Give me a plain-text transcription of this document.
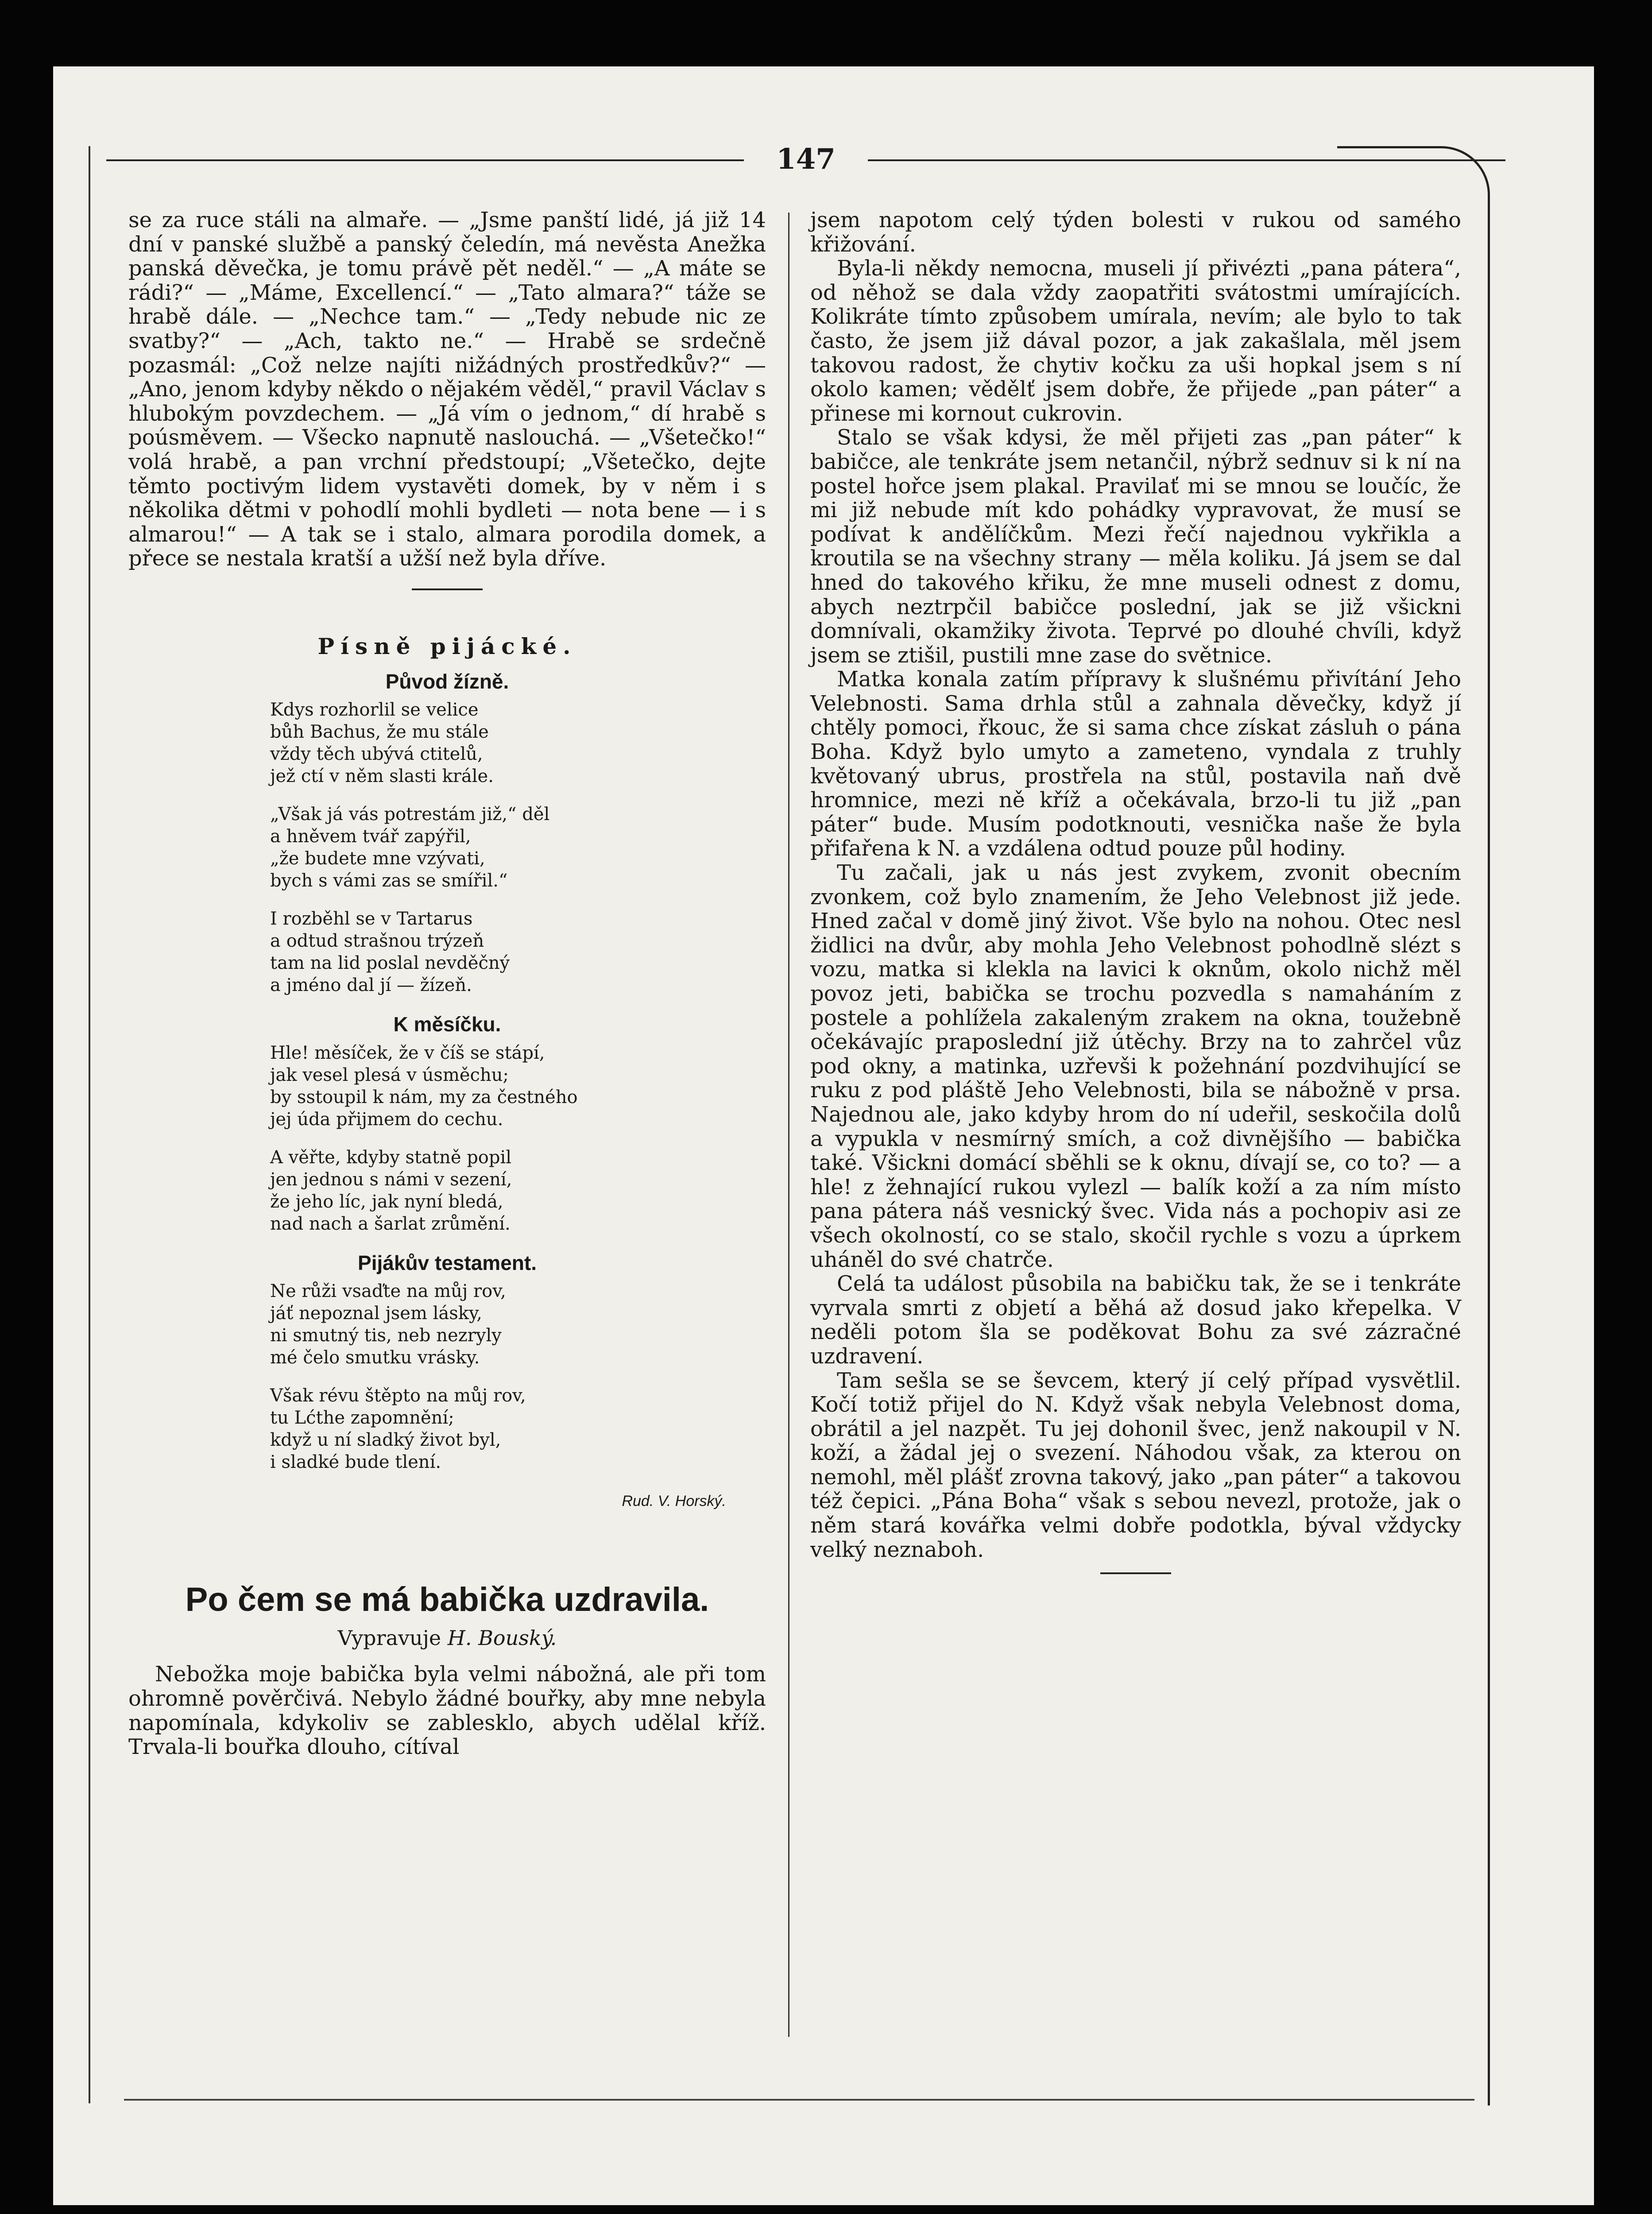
147

se za ruce stáli na almaře. — „Jsme panští lidé, já již 14 dní v panské službě a panský čeledín, má nevěsta Anežka panská děvečka, je tomu právě pět neděl.“ — „A máte se rádi?“ — „Máme, Excellencí.“ — „Tato almara?“ táže se hrabě dále. — „Nechce tam.“ — „Tedy nebude nic ze svatby?“ — „Ach, takto ne.“ — Hrabě se srdečně pozasmál: „Což nelze najíti nižádných prostředkův?“ — „Ano, jenom kdyby někdo o nějakém věděl,“ pravil Václav s hlubokým povzdechem. — „Já vím o jednom,“ dí hrabě s poúsměvem. — Všecko napnutě naslouchá. — „Všetečko!“ volá hrabě, a pan vrchní předstoupí; „Všetečko, dejte těmto poctivým lidem vystavěti domek, by v něm i s několika dětmi v pohodlí mohli bydleti — nota bene — i s almarou!“ — A tak se i stalo, almara porodila domek, a přece se nestala kratší a užší než byla dříve.

Písně pijácké.
Původ žízně.
Kdys rozhorlil se velice
bůh Bachus, že mu stále
vždy těch ubývá ctitelů,
jež ctí v něm slasti krále.
„Však já vás potrestám již,“ děl
a hněvem tvář zapýřil,
„že budete mne vzývati,
bych s vámi zas se smířil.“
I rozběhl se v Tartarus
a odtud strašnou trýzeň
tam na lid poslal nevděčný
a jméno dal jí — žízeň.
K měsíčku.
Hle! měsíček, že v číš se stápí,
jak vesel plesá v úsměchu;
by sstoupil k nám, my za čestného
jej úda přijmem do cechu.
A věřte, kdyby statně popil
jen jednou s námi v sezení,
že jeho líc, jak nyní bledá,
nad nach a šarlat zrůmění.
Pijákův testament.
Ne růži vsaďte na můj rov,
jáť nepoznal jsem lásky,
ni smutný tis, neb nezryly
mé čelo smutku vrásky.
Však révu štěpto na můj rov,
tu Lćthe zapomnění;
když u ní sladký život byl,
i sladké bude tlení.
Rud. V. Horský.
Po čem se má babička uzdravila.
Vypravuje H. Bouský.

Nebožka moje babička byla velmi nábožná, ale při tom ohromně pověrčivá. Nebylo žádné bouřky, aby mne nebyla napomínala, kdykoliv se zablesklo, abych udělal kříž. Trvala-li bouřka dlouho, cítíval

jsem napotom celý týden bolesti v rukou od samého křižování.

Byla-li někdy nemocna, museli jí přivézti „pana pátera“, od něhož se dala vždy zaopatřiti svátostmi umírajících. Kolikráte tímto způsobem umírala, nevím; ale bylo to tak často, že jsem již dával pozor, a jak zakašlala, měl jsem takovou radost, že chytiv kočku za uši hopkal jsem s ní okolo kamen; vědělť jsem dobře, že přijede „pan páter“ a přinese mi kornout cukrovin.

Stalo se však kdysi, že měl přijeti zas „pan páter“ k babičce, ale tenkráte jsem netančil, nýbrž sednuv si k ní na postel hořce jsem plakal. Pravilať mi se mnou se loučíc, že mi již nebude mít kdo pohádky vypravovat, že musí se podívat k andělíčkům. Mezi řečí najednou vykřikla a kroutila se na všechny strany — měla koliku. Já jsem se dal hned do takového křiku, že mne museli odnest z domu, abych neztrpčil babičce poslední, jak se již všickni domnívali, okamžiky života. Teprvé po dlouhé chvíli, když jsem se ztišil, pustili mne zase do světnice.

Matka konala zatím přípravy k slušnému přivítání Jeho Velebnosti. Sama drhla stůl a zahnala děvečky, když jí chtěly pomoci, řkouc, že si sama chce získat zásluh o pána Boha. Když bylo umyto a zameteno, vyndala z truhly květovaný ubrus, prostřela na stůl, postavila naň dvě hromnice, mezi ně kříž a očekávala, brzo-li tu již „pan páter“ bude. Musím podotknouti, vesnička naše že byla přifařena k N. a vzdálena odtud pouze půl hodiny.

Tu začali, jak u nás jest zvykem, zvonit obecním zvonkem, což bylo znamením, že Jeho Velebnost již jede. Hned začal v domě jiný život. Vše bylo na nohou. Otec nesl židlici na dvůr, aby mohla Jeho Velebnost pohodlně slézt s vozu, matka si klekla na lavici k oknům, okolo nichž měl povoz jeti, babička se trochu pozvedla s namaháním z postele a pohlížela zakaleným zrakem na okna, toužebně očekávajíc praposlední již útěchy. Brzy na to zahrčel vůz pod okny, a matinka, uzřevši k požehnání pozdvihující se ruku z pod pláště Jeho Velebnosti, bila se nábožně v prsa. Najednou ale, jako kdyby hrom do ní udeřil, seskočila dolů a vypukla v nesmírný smích, a což divnějšího — babička také. Všickni domácí sběhli se k oknu, dívají se, co to? — a hle! z žehnající rukou vylezl — balík koží a za ním místo pana pátera náš vesnický švec. Vida nás a pochopiv asi ze všech okolností, co se stalo, skočil rychle s vozu a úprkem uháněl do své chatrče.

Celá ta událost působila na babičku tak, že se i tenkráte vyrvala smrti z objetí a běhá až dosud jako křepelka. V neděli potom šla se poděkovat Bohu za své zázračné uzdravení.

Tam sešla se se ševcem, který jí celý případ vysvětlil. Kočí totiž přijel do N. Když však nebyla Velebnost doma, obrátil a jel nazpět. Tu jej dohonil švec, jenž nakoupil v N. koží, a žádal jej o svezení. Náhodou však, za kterou on nemohl, měl plášť zrovna takový, jako „pan páter“ a takovou též čepici. „Pána Boha“ však s sebou nevezl, protože, jak o něm stará kovářka velmi dobře podotkla, býval vždycky velký neznaboh.
